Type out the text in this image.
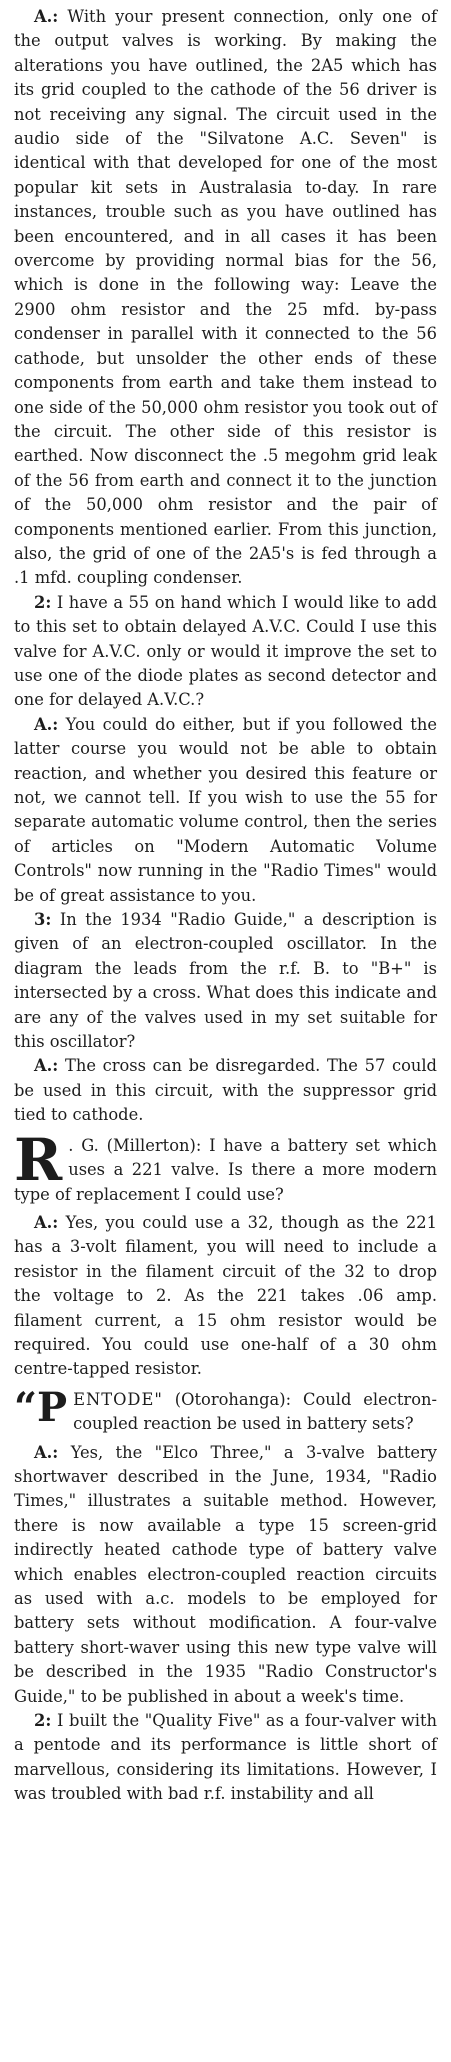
A.: With your present connection, only one of the output valves is working. By making the alterations you have outlined, the 2A5 which has its grid coupled to the cathode of the 56 driver is not receiving any signal. The circuit used in the audio side of the "Silvatone A.C. Seven" is identical with that developed for one of the most popular kit sets in Australasia to-day. In rare instances, trouble such as you have outlined has been encountered, and in all cases it has been overcome by providing normal bias for the 56, which is done in the following way: Leave the 2900 ohm resistor and the 25 mfd. by-pass condenser in parallel with it connected to the 56 cathode, but unsolder the other ends of these components from earth and take them instead to one side of the 50,000 ohm resistor you took out of the circuit. The other side of this resistor is earthed. Now disconnect the .5 megohm grid leak of the 56 from earth and connect it to the junction of the 50,000 ohm resistor and the pair of components mentioned earlier. From this junction, also, the grid of one of the 2A5's is fed through a .1 mfd. coupling condenser.

2: I have a 55 on hand which I would like to add to this set to obtain delayed A.V.C. Could I use this valve for A.V.C. only or would it improve the set to use one of the diode plates as second detector and one for delayed A.V.C.?

A.: You could do either, but if you followed the latter course you would not be able to obtain reaction, and whether you desired this feature or not, we cannot tell. If you wish to use the 55 for separate automatic volume control, then the series of articles on "Modern Automatic Volume Controls" now running in the "Radio Times" would be of great assistance to you.

3: In the 1934 "Radio Guide," a description is given of an electron-coupled oscillator. In the diagram the leads from the r.f. B. to "B+" is intersected by a cross. What does this indicate and are any of the valves used in my set suitable for this oscillator?

A.: The cross can be disregarded. The 57 could be used in this circuit, with the suppressor grid tied to cathode.

R . G. (Millerton): I have a battery set which uses a 221 valve. Is there a more modern type of replacement I could use?

A.: Yes, you could use a 32, though as the 221 has a 3-volt filament, you will need to include a resistor in the filament circuit of the 32 to drop the voltage to 2. As the 221 takes .06 amp. filament current, a 15 ohm resistor would be required. You could use one-half of a 30 ohm centre-tapped resistor.

“PENTODE" (Otorohanga): Could electron-coupled reaction be used in battery sets?

A.: Yes, the "Elco Three," a 3-valve battery shortwaver described in the June, 1934, "Radio Times," illustrates a suitable method. However, there is now available a type 15 screen-grid indirectly heated cathode type of battery valve which enables electron-coupled reaction circuits as used with a.c. models to be employed for battery sets without modification. A four-valve battery short-waver using this new type valve will be described in the 1935 "Radio Constructor's Guide," to be published in about a week's time.

2: I built the "Quality Five" as a four-valver with a pentode and its performance is little short of marvellous, considering its limitations. However, I was troubled with bad r.f. instability and all
